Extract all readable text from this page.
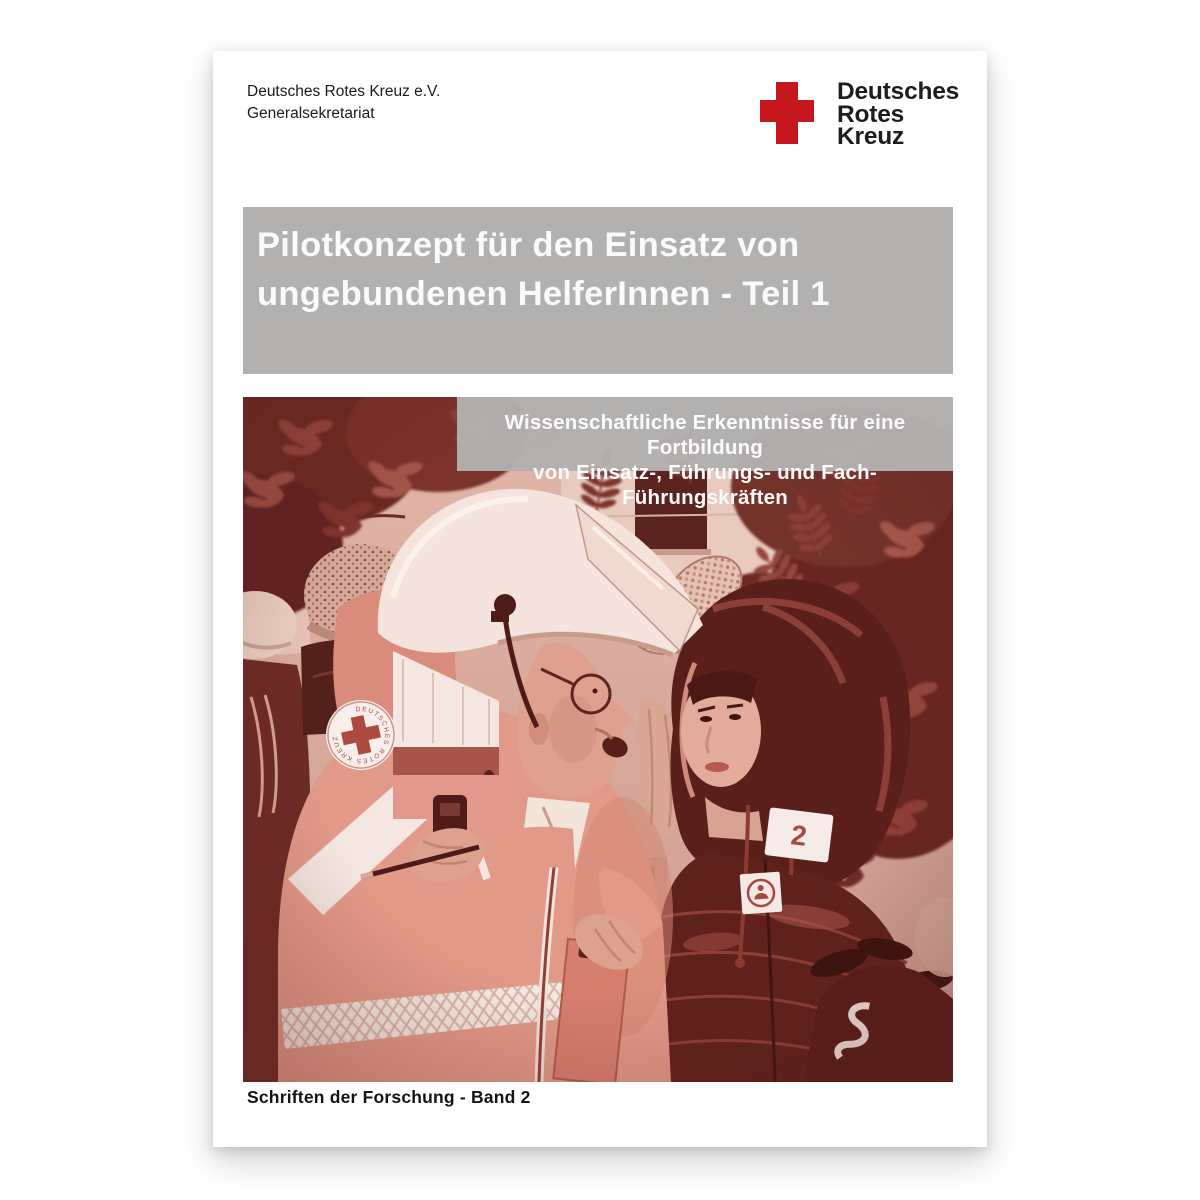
Deutsches Rotes Kreuz e.V.
Generalsekretariat
Deutsches
Rotes
Kreuz
Pilotkonzept für den Einsatz von
ungebundenen HelferInnen - Teil 1
Wissenschaftliche Erkenntnisse für eine Fortbildung
von Einsatz-, Führungs- und Fach-Führungskräften
Schriften der Forschung - Band 2
